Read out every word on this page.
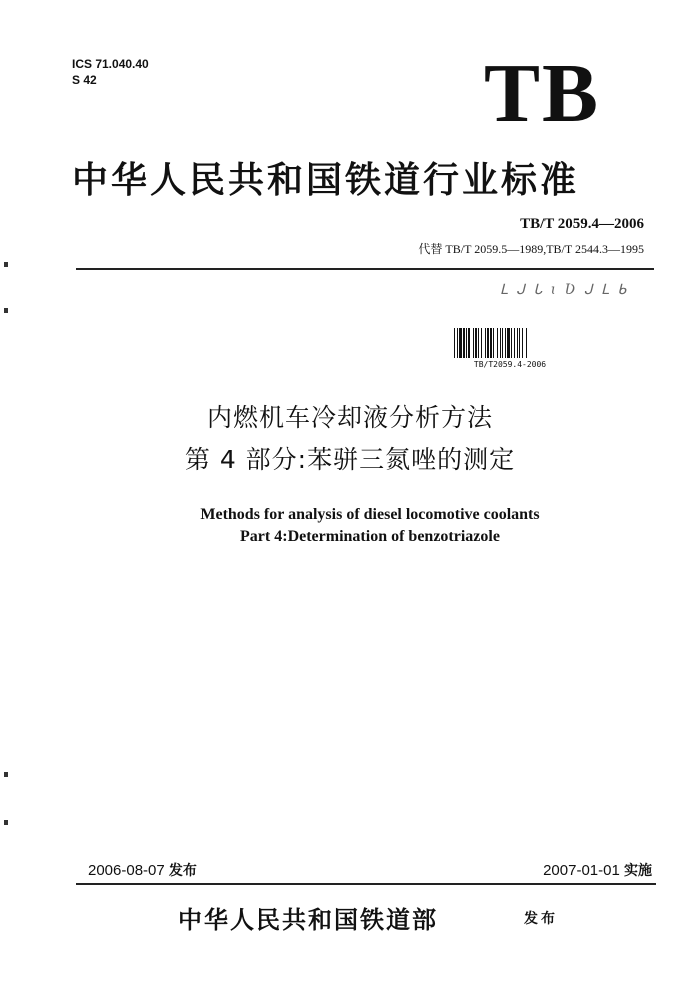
ICS 71.040.40
S 42	TB
中华人民共和国铁道行业标准
TB/T 2059.4—2006
代替 TB/T 2059.5—1989,TB/T 2544.3—1995
ᒪ ᒍ ᒐ ɩ Ʋ ᒍ ᒪ ᑲ
TB/T2059.4-2006
内燃机车冷却液分析方法
第 4 部分:苯骈三氮唑的测定
Methods for analysis of diesel locomotive coolants
Part 4:Determination of benzotriazole
2006-08-07 发布	2007-01-01 实施
中华人民共和国铁道部	发布
